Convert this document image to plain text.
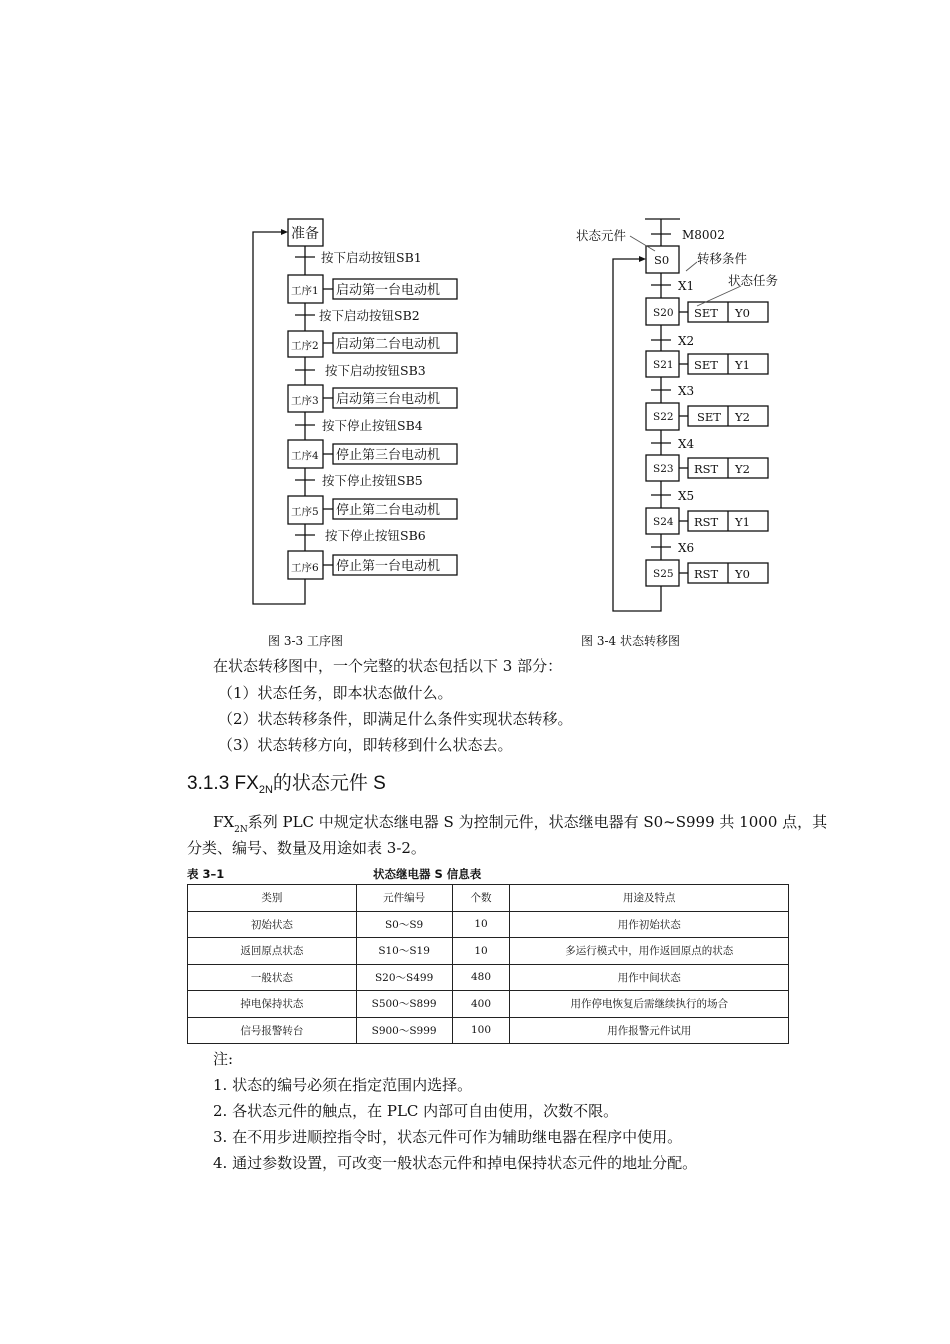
准备
按下启动按钮SB1
按下启动按钮SB2
按下启动按钮SB3
按下停止按钮SB4
按下停止按钮SB5
按下停止按钮SB6
工序1
工序2
工序3
工序4
工序5
工序6
启动第一台电动机
启动第二台电动机
启动第三台电动机
停止第三台电动机
停止第二台电动机
停止第一台电动机
图 3-3 工序图
M8002
S0
状态元件
转移条件
状态任务
X1
X2
X3
X4
X5
X6
S20
S21
S22
S23
S24
S25
SET
SET
SET
RST
RST
RST
Y0
Y1
Y2
Y2
Y1
Y0
图 3-4 状态转移图
在状态转移图中，一个完整的状态包括以下 3 部分：
（1）状态任务，即本状态做什么。
（2）状态转移条件，即满足什么条件实现状态转移。
（3）状态转移方向，即转移到什么状态去。
3.1.3 $FX_{2N}$的状态元件 S
$FX_{2N}$系列 PLC 中规定状态继电器 S 为控制元件，状态继电器有 S0~S999 共 1000 点，其
分类、编号、数量及用途如表 3-2。
表 3–1	状态继电器 S 信息表
类别	元件编号	个数	用途及特点
初始状态	S0～S9	10	用作初始状态
返回原点状态	S10～S19	10	多运行模式中，用作返回原点的状态
一般状态	S20～S499	480	用作中间状态
掉电保持状态	S500～S899	400	用作停电恢复后需继续执行的场合
信号报警转台	S900～S999	100	用作报警元件试用
注:
1. 状态的编号必须在指定范围内选择。
2. 各状态元件的触点，在 PLC 内部可自由使用，次数不限。
3. 在不用步进顺控指令时，状态元件可作为辅助继电器在程序中使用。
4. 通过参数设置，可改变一般状态元件和掉电保持状态元件的地址分配。
